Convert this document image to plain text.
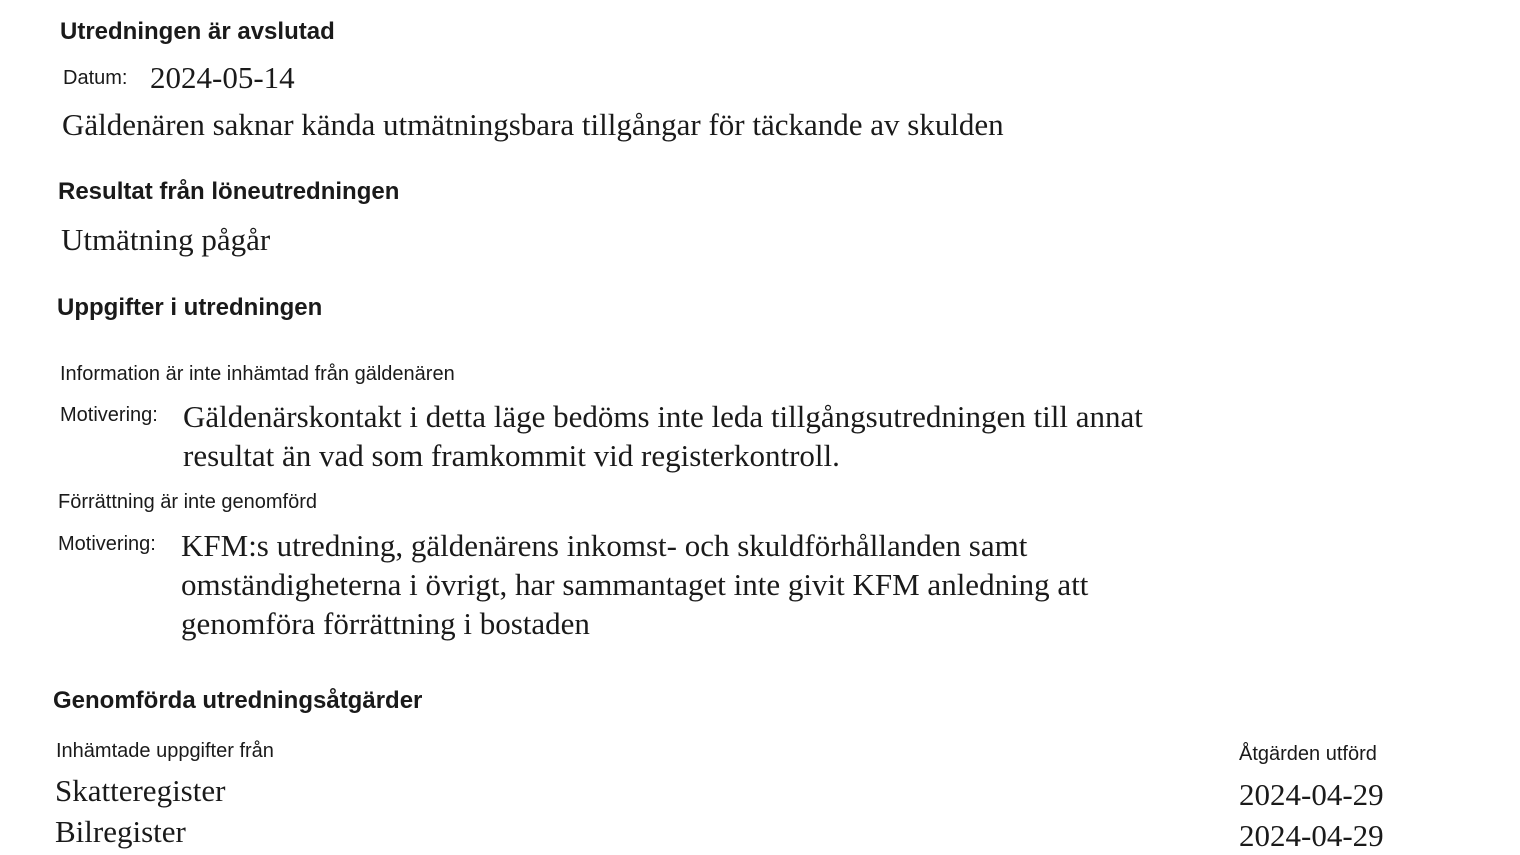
Utredningen är avslutad
Datum: 2024-05-14
Gäldenären saknar kända utmätningsbara tillgångar för täckande av skulden
Resultat från löneutredningen
Utmätning pågår
Uppgifter i utredningen
Information är inte inhämtad från gäldenären
Motivering: Gäldenärskontakt i detta läge bedöms inte leda tillgångsutredningen till annat
resultat än vad som framkommit vid registerkontroll.
Förrättning är inte genomförd
Motivering: KFM:s utredning, gäldenärens inkomst- och skuldförhållanden samt
omständigheterna i övrigt, har sammantaget inte givit KFM anledning att
genomföra förrättning i bostaden
Genomförda utredningsåtgärder
Inhämtade uppgifter från	Åtgärden utförd
Skatteregister	2024-04-29
Bilregister	2024-04-29
